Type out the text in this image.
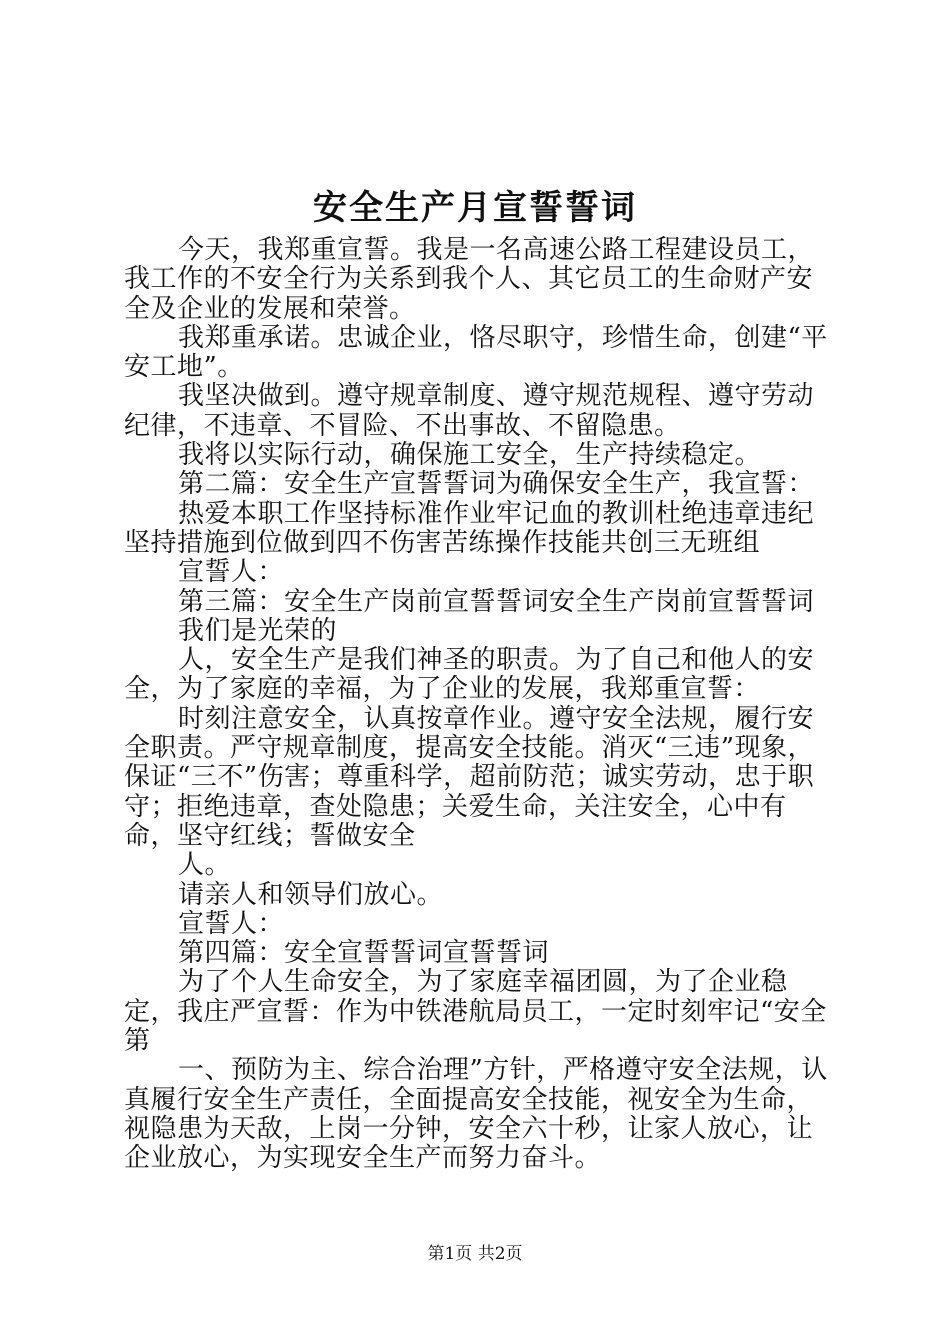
安全生产月宣誓誓词

今天，我郑重宣誓。我是一名高速公路工程建设员工，我工作的不安全行为关系到我个人、其它员工的生命财产安全及企业的发展和荣誉。

我郑重承诺。忠诚企业，恪尽职守，珍惜生命，创建“平安工地”。

我坚决做到。遵守规章制度、遵守规范规程、遵守劳动纪律，不违章、不冒险、不出事故、不留隐患。

我将以实际行动，确保施工安全，生产持续稳定。

第二篇：安全生产宣誓誓词为确保安全生产，我宣誓：

热爱本职工作坚持标准作业牢记血的教训杜绝违章违纪坚持措施到位做到四不伤害苦练操作技能共创三无班组

宣誓人：

第三篇：安全生产岗前宣誓誓词安全生产岗前宣誓誓词

我们是光荣的

人，安全生产是我们神圣的职责。为了自己和他人的安全，为了家庭的幸福，为了企业的发展，我郑重宣誓：

时刻注意安全，认真按章作业。遵守安全法规，履行安全职责。严守规章制度，提高安全技能。消灭“三违”现象，保证“三不”伤害；尊重科学，超前防范；诚实劳动，忠于职守；拒绝违章，查处隐患；关爱生命，关注安全，心中有命，坚守红线；誓做安全

人。

请亲人和领导们放心。

宣誓人：

第四篇：安全宣誓誓词宣誓誓词

为了个人生命安全，为了家庭幸福团圆，为了企业稳定，我庄严宣誓：作为中铁港航局员工，一定时刻牢记“安全第

一、预防为主、综合治理”方针，严格遵守安全法规，认真履行安全生产责任，全面提高安全技能，视安全为生命，视隐患为天敌，上岗一分钟，安全六十秒，让家人放心，让企业放心，为实现安全生产而努力奋斗。

第1页 共2页
